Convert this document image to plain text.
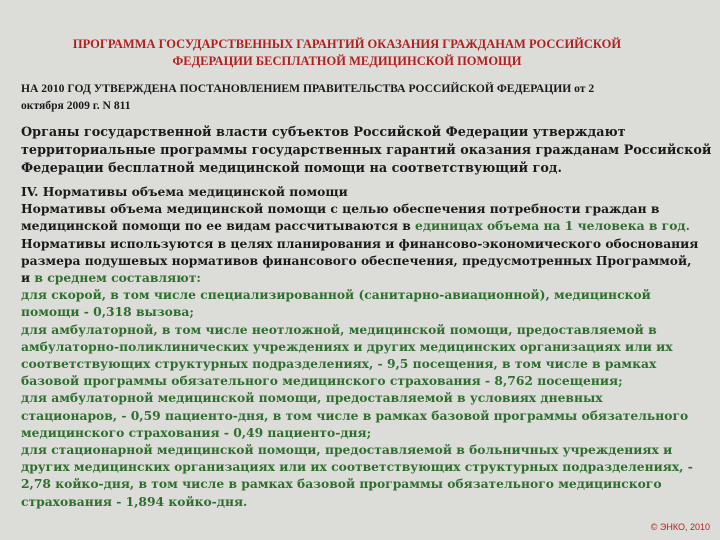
ПРОГРАММА ГОСУДАРСТВЕННЫХ ГАРАНТИЙ ОКАЗАНИЯ ГРАЖДАНАМ РОССИЙСКОЙ
ФЕДЕРАЦИИ БЕСПЛАТНОЙ МЕДИЦИНСКОЙ ПОМОЩИ
НА 2010 ГОД УТВЕРЖДЕНА ПОСТАНОВЛЕНИЕМ ПРАВИТЕЛЬСТВА РОССИЙСКОЙ ФЕДЕРАЦИИ от 2
октября 2009 г. N 811
Органы государственной власти субъектов Российской Федерации утверждают
территориальные программы государственных гарантий оказания гражданам Российской
Федерации бесплатной медицинской помощи на соответствующий год.
IV. Нормативы объема медицинской помощи
Нормативы объема медицинской помощи с целью обеспечения потребности граждан в
медицинской помощи по ее видам рассчитываются в единицах объема на 1 человека в год.
Нормативы используются в целях планирования и финансово-экономического обоснования
размера подушевых нормативов финансового обеспечения, предусмотренных Программой,
и в среднем составляют:
для скорой, в том числе специализированной (санитарно-авиационной), медицинской
помощи - 0,318 вызова;
для амбулаторной, в том числе неотложной, медицинской помощи, предоставляемой в
амбулаторно-поликлинических учреждениях и других медицинских организациях или их
соответствующих структурных подразделениях, - 9,5 посещения, в том числе в рамках
базовой программы обязательного медицинского страхования - 8,762 посещения;
для амбулаторной медицинской помощи, предоставляемой в условиях дневных
стационаров, - 0,59 пациенто-дня, в том числе в рамках базовой программы обязательного
медицинского страхования - 0,49 пациенто-дня;
для стационарной медицинской помощи, предоставляемой в больничных учреждениях и
других медицинских организациях или их соответствующих структурных подразделениях, -
2,78 койко-дня, в том числе в рамках базовой программы обязательного медицинского
страхования - 1,894 койко-дня.
© ЭНКО, 2010
